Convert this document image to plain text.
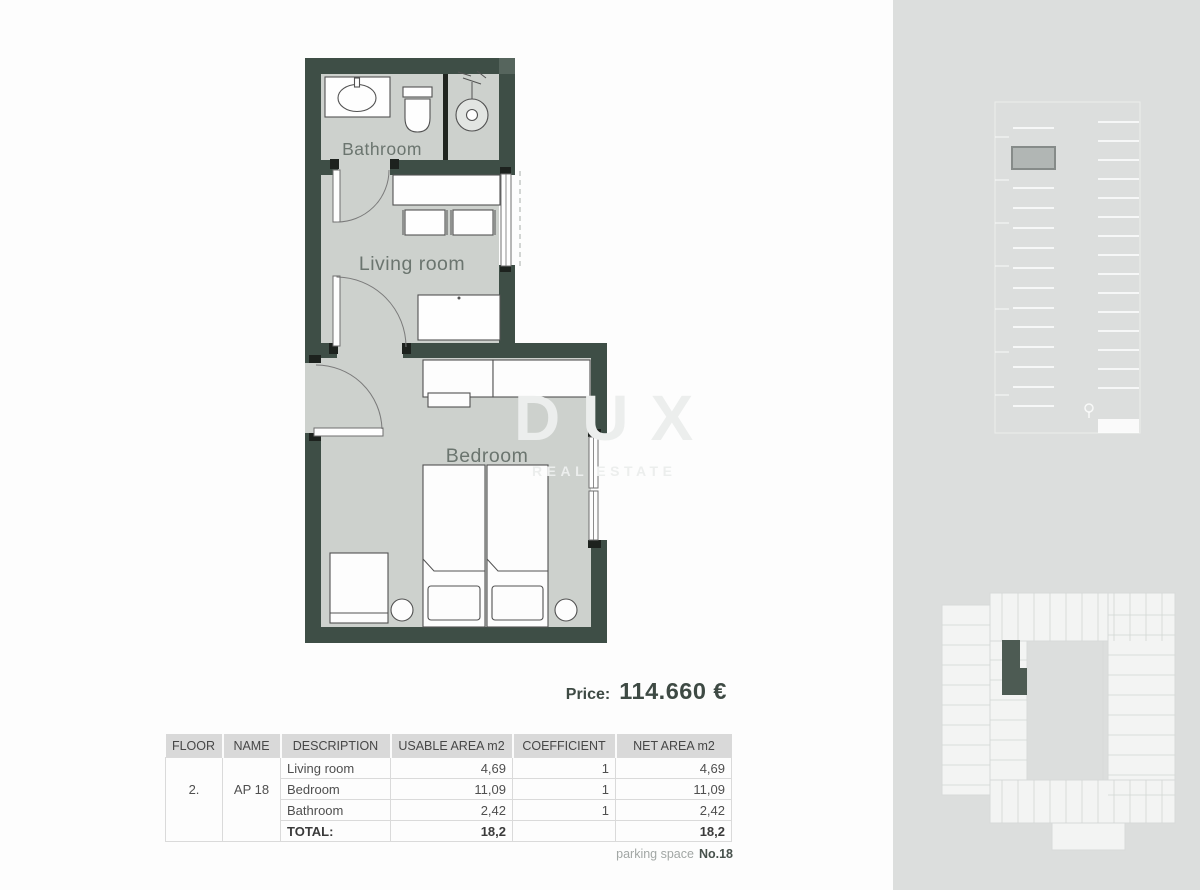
Bathroom
Living room
Bedroom
DUX
REAL ESTATE
Price: 114.660 €
FLOOR	NAME	DESCRIPTION	USABLE AREA m2	COEFFICIENT	NET AREA m2
2.	AP 18	Living room	4,69	1	4,69
		Bedroom	11,09	1	11,09
		Bathroom	2,42	1	2,42
		TOTAL:	18,2		18,2
parking space No.18
